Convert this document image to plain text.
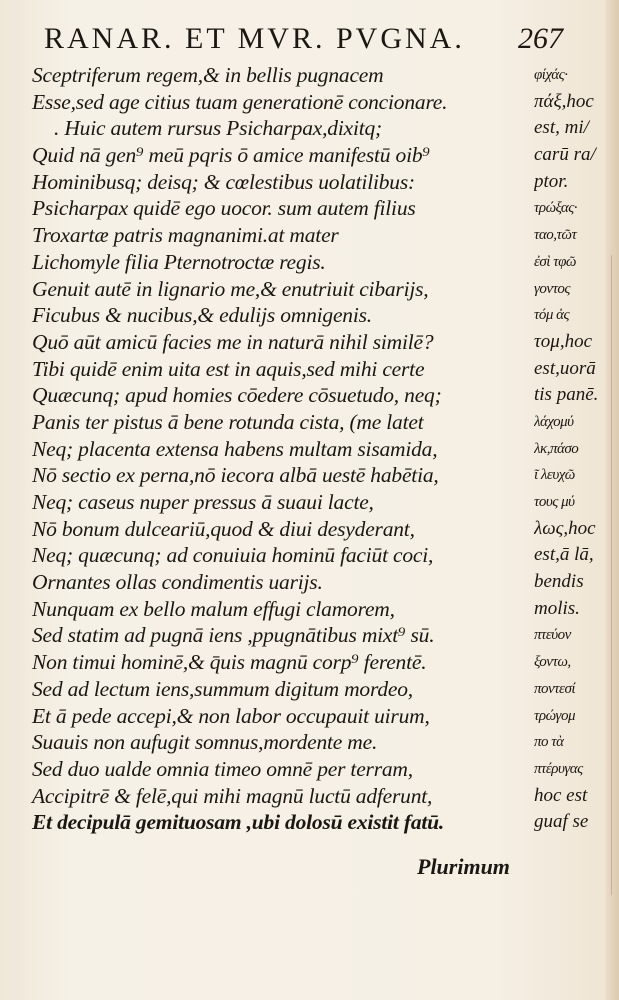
RANAR. ET MVR. PVGNA.	267
Sceptriferum regem,& in bellis pugnacem
Esse,sed age citius tuam generationē concionare.
. Huic autem rursus Psicharpax,dixitq;
Quid nā gen⁹ meū pqris ō amice manifestū oib⁹
Hominibusq; deisq; & cœlestibus uolatilibus:
Psicharpax quidē ego uocor. sum autem filius
Troxartæ patris magnanimi.at mater
Lichomyle filia Pternotroctæ regis.
Genuit autē in lignario me,& enutriuit cibarijs,
Ficubus & nucibus,& edulijs omnigenis.
Quō aūt amicū facies me in naturā nihil similē?
Tibi quidē enim uita est in aquis,sed mihi certe
Quæcunq; apud homies cōedere cōsuetudo, neq;
Panis ter pistus ā bene rotunda cista, (me latet
Neq; placenta extensa habens multam sisamida,
Nō sectio ex perna,nō iecora albā uestē habētia,
Neq; caseus nuper pressus ā suaui lacte,
Nō bonum dulceariū,quod & diui desyderant,
Neq; quæcunq; ad conuiuia hominū faciūt coci,
Ornantes ollas condimentis uarijs.
Nunquam ex bello malum effugi clamorem,
Sed statim ad pugnā iens ,ppugnātibus mixt⁹ sū.
Non timui hominē,& q̄uis magnū corp⁹ ferentē.
Sed ad lectum iens,summum digitum mordeo,
Et ā pede accepi,& non labor occupauit uirum,
Suauis non aufugit somnus,mordente me.
Sed duo ualde omnia timeo omnē per terram,
Accipitrē & felē,qui mihi magnū luctū adferunt,
Et decipulā gemituosam ,ubi dolosū existit fatū.
φίχάς·
πάξ,hoc
est, mi/
carū ra/
ptor.
τρώξας·
ταο,τῶτ
ἐσὶ τφῶ
γοντος
τόμ ἀς
τομ,hoc
est,uorā
tis panē.
λάχομύ
λκ,πάσο
ῖ λευχῶ
τους μύ
λως,hoc
est,ā lā,
bendis
molis.
πτεύον
ξοντω,
ποντεσί
τρώγομ
πο τὰ
πτέρυγας
hoc est
guaf se
Plurimum
